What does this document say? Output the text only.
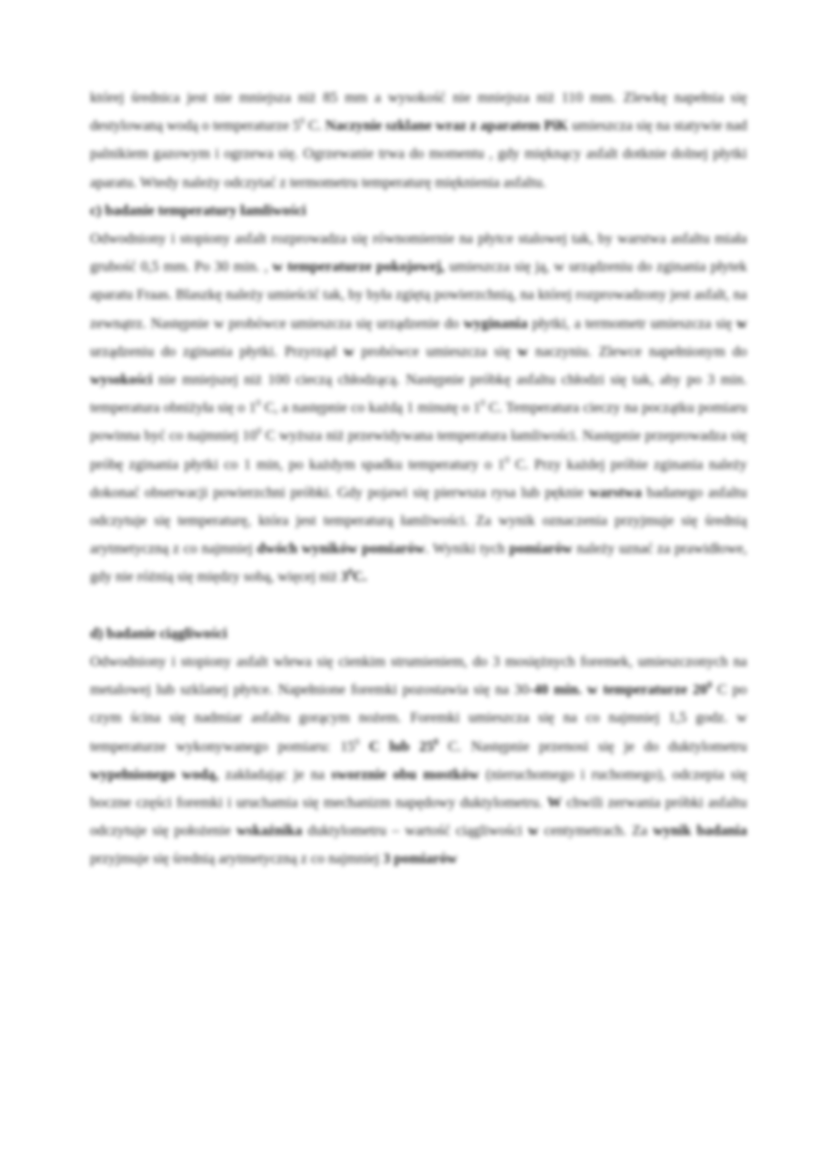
której średnica jest nie mniejsza niż 85 mm a wysokość nie mniejsza niż 110 mm. Zlewkę napełnia się destylowaną wodą o temperaturze $5^0$ C. Naczynie szklane wraz z aparatem PiK umieszcza się na statywie nad palnikiem gazowym i ogrzewa się. Ogrzewanie trwa do momentu , gdy mięknący asfalt dotknie dolnej płytki aparatu. Wtedy należy odczytać z termometru temperaturę mięknienia asfaltu.

c) badanie temperatury łamliwości

Odwodniony i stopiony asfalt rozprowadza się równomiernie na płytce stalowej tak, by warstwa asfaltu miała grubość 0,5 mm. Po 30 min. , w temperaturze pokojowej, umieszcza się ją, w urządzeniu do zginania płytek aparatu Fraas. Blaszkę należy umieścić tak, by była zgiętą powierzchnią, na której rozprowadzony jest asfalt, na zewnątrz. Następnie w probówce umieszcza się urządzenie do wyginania płytki, a termometr umieszcza się w urządzeniu do zginania płytki. Przyrząd w probówce umieszcza się w naczyniu. Zlewce napełnionym do wysokości nie mniejszej niż 100 cieczą chłodzącą. Następnie próbkę asfaltu chłodzi się tak, aby po 3 min. temperatura obniżyła się o $1^0$ C, a następnie co każdą 1 minutę o $1^0$ C. Temperatura cieczy na początku pomiaru powinna być co najmniej $10^0$ C wyższa niż przewidywana temperatura łamliwości. Następnie przeprowadza się próbę zginania płytki co 1 min, po każdym spadku temperatury o $1^0$ C. Przy każdej próbie zginania należy dokonać obserwacji powierzchni próbki. Gdy pojawi się pierwsza rysa lub pęknie warstwa badanego asfaltu odczytuje się temperaturę, która jest temperaturą łamliwości. Za wynik oznaczenia przyjmuje się średnią arytmetyczną z co najmniej dwóch wyników pomiarów. Wyniki tych pomiarów należy uznać za prawidłowe, gdy nie różnią się między sobą, więcej niż $3^0C$.

d) badanie ciągliwości

Odwodniony i stopiony asfalt wlewa się cienkim strumieniem, do 3 mosiężnych foremek, umieszczonych na metalowej lub szklanej płytce. Napełnione foremki pozostawia się na 30-40 min. w temperaturze $20^0$ C po czym ścina się nadmiar asfaltu gorącym nożem. Foremki umieszcza się na co najmniej 1,5 godz. w temperaturze wykonywanego pomiaru: $15^0$ C lub $25^0$ C. Następnie przenosi się je do duktylometru wypełnionego wodą, zakładając je na sworznie obu mostków (nieruchomego i ruchomego), odczepia się boczne części foremki i uruchamia się mechanizm napędowy duktylometru. W chwili zerwania próbki asfaltu odczytuje się położenie wskaźnika duktylometru – wartość ciągliwości w centymetrach. Za wynik badania przyjmuje się średnią arytmetyczną z co najmniej 3 pomiarów
